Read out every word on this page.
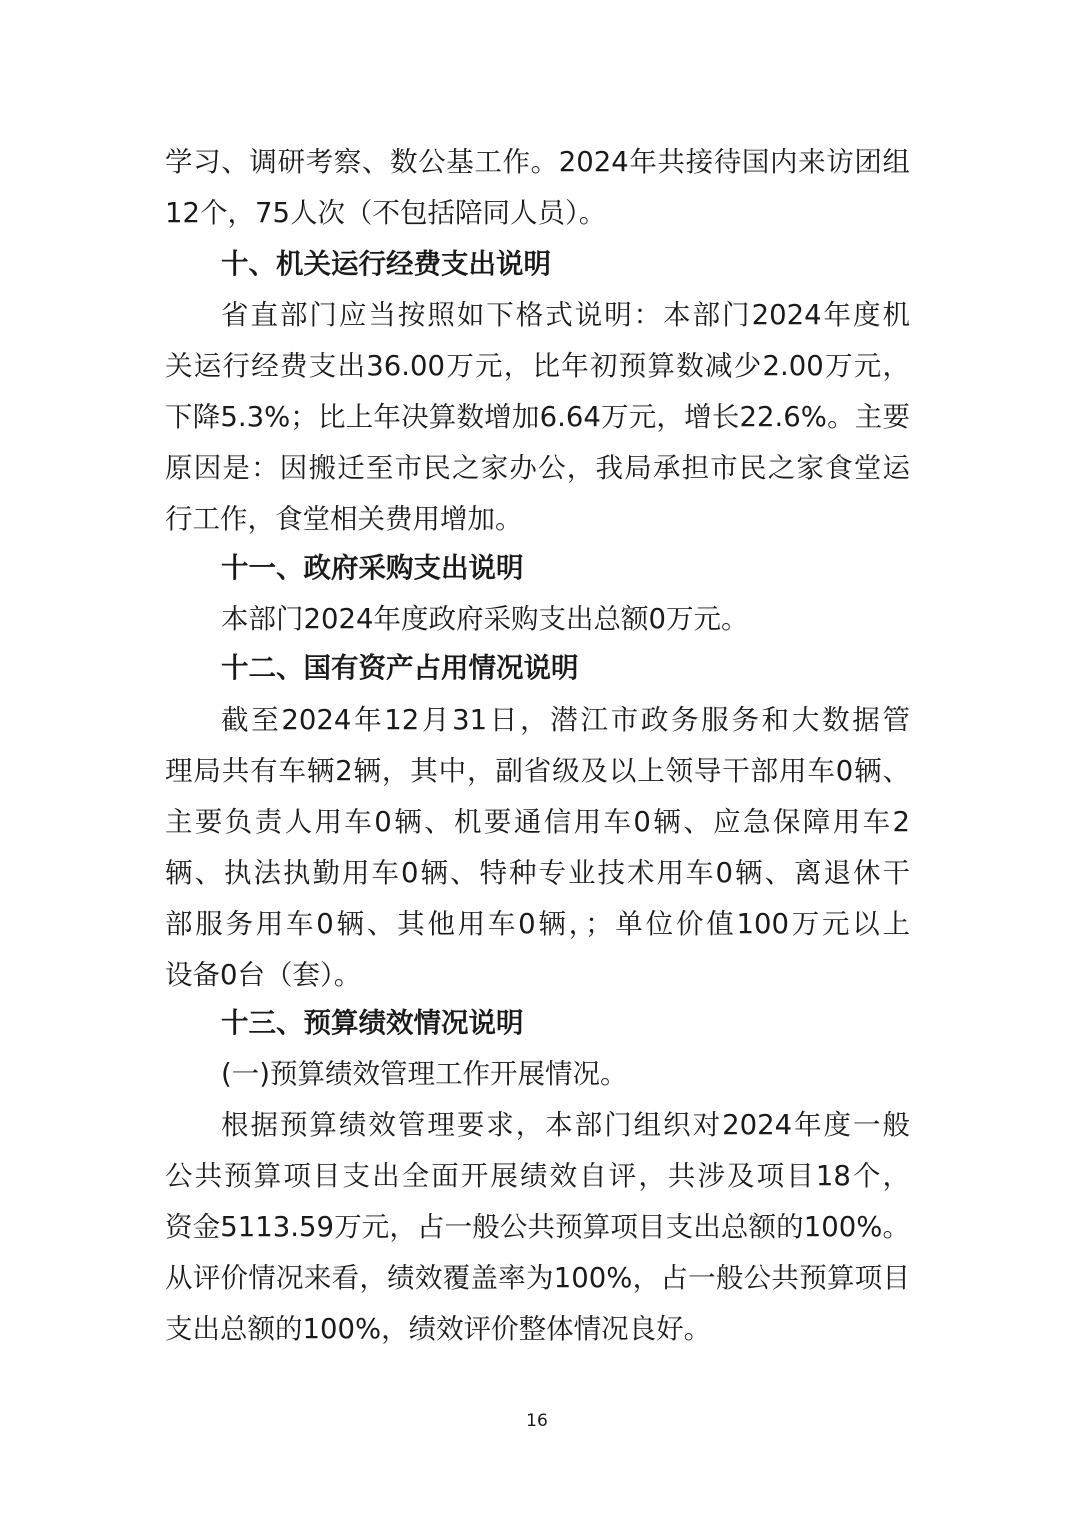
学习、调研考察、数公基工作。2024年共接待国内来访团组
12个，75人次（不包括陪同人员）。
十、机关运行经费支出说明
省直部门应当按照如下格式说明：本部门2024年度机
关运行经费支出36.00万元，比年初预算数减少2.00万元，
下降5.3%；比上年决算数增加6.64万元，增长22.6%。主要
原因是：因搬迁至市民之家办公，我局承担市民之家食堂运
行工作，食堂相关费用增加。
十一、政府采购支出说明
本部门2024年度政府采购支出总额0万元。
十二、国有资产占用情况说明
截至2024年12月31日，潜江市政务服务和大数据管
理局共有车辆2辆，其中，副省级及以上领导干部用车0辆、
主要负责人用车0辆、机要通信用车0辆、应急保障用车2
辆、执法执勤用车0辆、特种专业技术用车0辆、离退休干
部服务用车0辆、其他用车0辆，；单位价值100万元以上
设备0台（套）。
十三、预算绩效情况说明
(一)预算绩效管理工作开展情况。
根据预算绩效管理要求，本部门组织对2024年度一般
公共预算项目支出全面开展绩效自评，共涉及项目18个，
资金5113.59万元，占一般公共预算项目支出总额的100%。
从评价情况来看，绩效覆盖率为100%，占一般公共预算项目
支出总额的100%，绩效评价整体情况良好。
16
